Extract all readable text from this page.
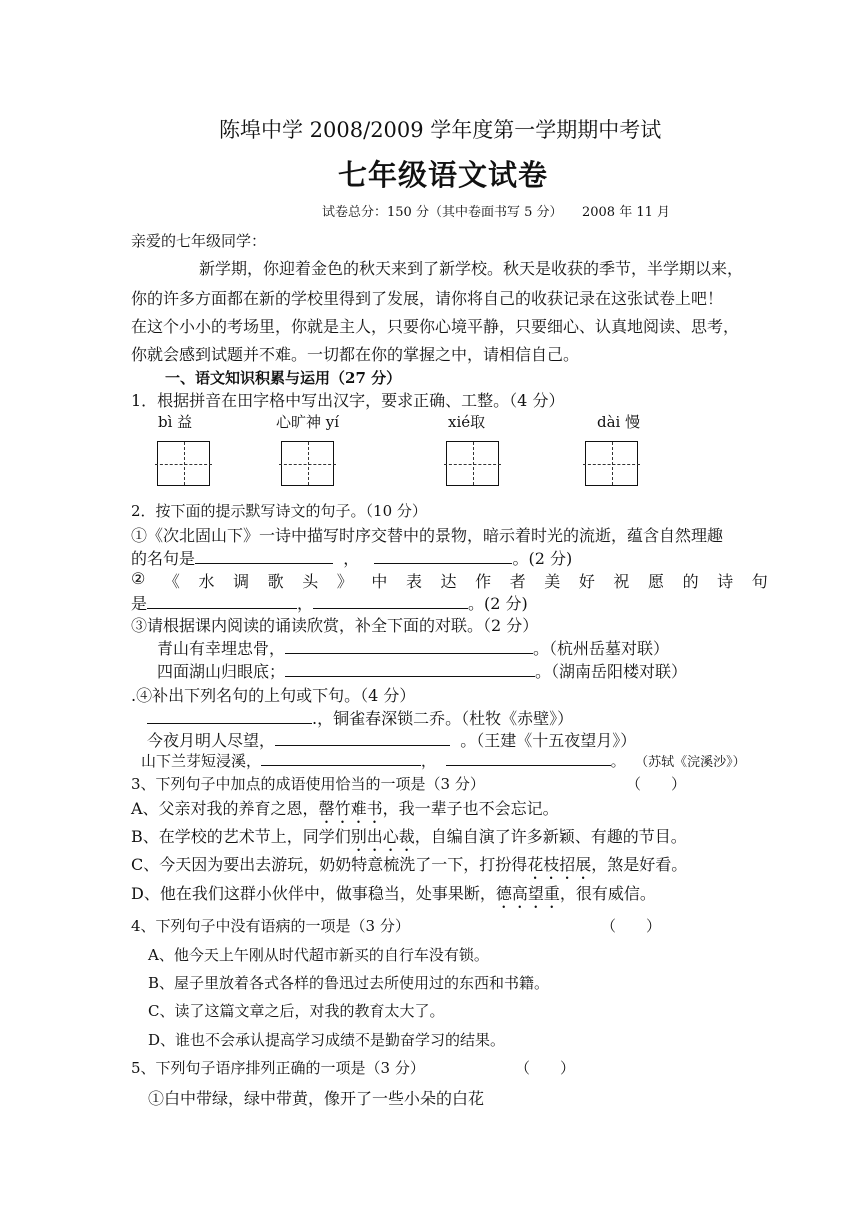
陈埠中学 2008/2009 学年度第一学期期中考试
七年级语文试卷
试卷总分：150 分（其中卷面书写 5 分）　　2008 年 11 月
亲爱的七年级同学：
新学期，你迎着金色的秋天来到了新学校。秋天是收获的季节，半学期以来，
你的许多方面都在新的学校里得到了发展，请你将自己的收获记录在这张试卷上吧！
在这个小小的考场里，你就是主人，只要你心境平静，只要细心、认真地阅读、思考，
你就会感到试题并不难。一切都在你的掌握之中，请相信自己。
一、语文知识积累与运用（27 分）
1．根据拼音在田字格中写出汉字，要求正确、工整。（4 分）
bì 益	心旷神 yí	xié取	dài 慢
2．按下面的提示默写诗文的句子。（10 分）
①《次北固山下》一诗中描写时序交替中的景物，暗示着时光的流逝，蕴含自然理趣
的名句是	，	。(2 分)
② 《 水 调 歌 头 》 中 表 达 作 者 美 好 祝 愿 的 诗 句
是	，	。(2 分)
③请根据课内阅读的诵读欣赏，补全下面的对联。（2 分）
青山有幸埋忠骨，	。（杭州岳墓对联）
四面湖山归眼底；	。（湖南岳阳楼对联）
.④补出下列名句的上句或下句。（4 分）
.，铜雀春深锁二乔。（杜牧《赤壁》）
今夜月明人尽望，	。（王建《十五夜望月》）
山下兰芽短浸溪，	，	。 （苏轼《浣溪沙》）
3、下列句子中加点的成语使用恰当的一项是（3 分）	（　　）
A、父亲对我的养育之恩，罄竹难书，我一辈子也不会忘记。
B、在学校的艺术节上，同学们别出心裁，自编自演了许多新颖、有趣的节目。
C、今天因为要出去游玩，奶奶特意梳洗了一下，打扮得花枝招展，煞是好看。
D、他在我们这群小伙伴中，做事稳当，处事果断，德高望重，很有威信。
4、下列句子中没有语病的一项是（3 分）	（　　）
A、他今天上午刚从时代超市新买的自行车没有锁。
B、屋子里放着各式各样的鲁迅过去所使用过的东西和书籍。
C、读了这篇文章之后，对我的教育太大了。
D、谁也不会承认提高学习成绩不是勤奋学习的结果。
5、下列句子语序排列正确的一项是（3 分）	（　　）
①白中带绿，绿中带黄，像开了一些小朵的白花
